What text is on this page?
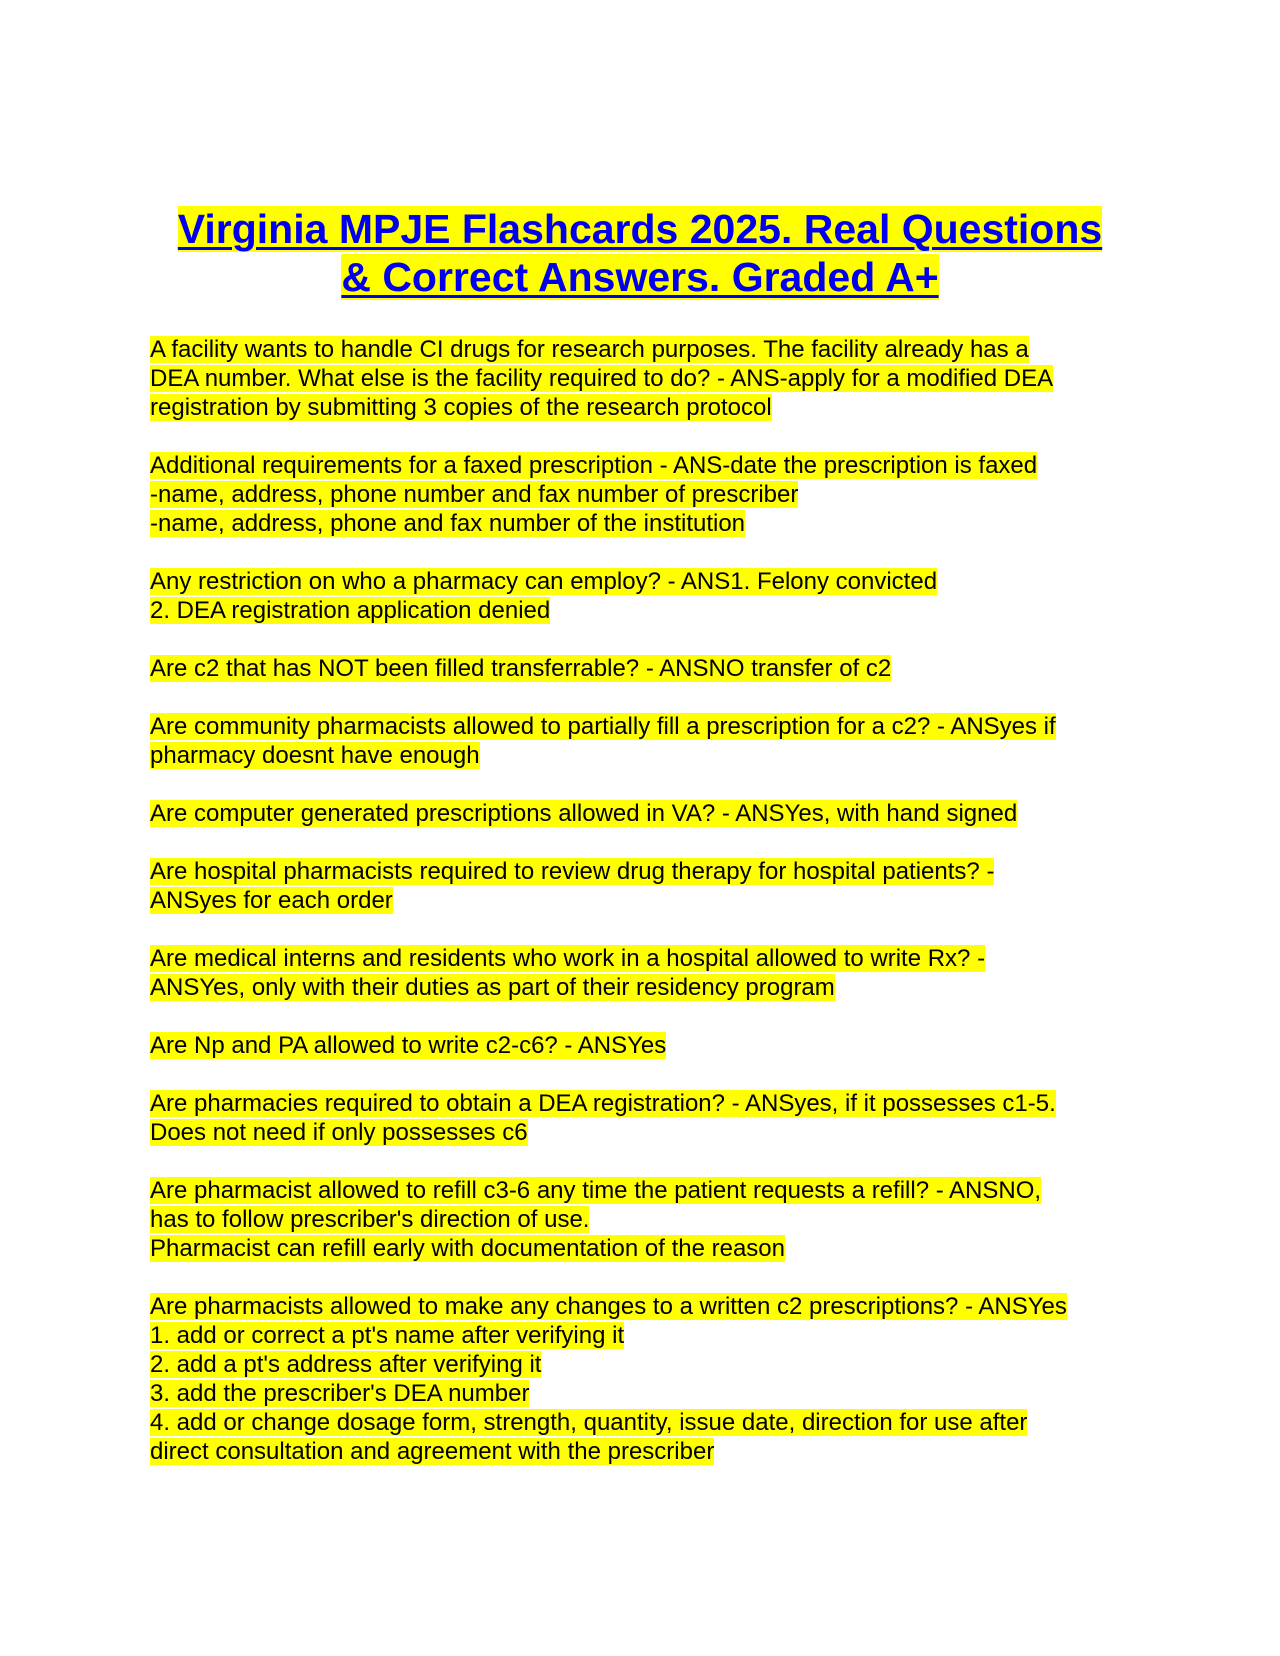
Virginia MPJE Flashcards 2025. Real Questions
& Correct Answers. Graded A+
A facility wants to handle CI drugs for research purposes. The facility already has a
DEA number. What else is the facility required to do? - ANS-apply for a modified DEA
registration by submitting 3 copies of the research protocol
Additional requirements for a faxed prescription - ANS-date the prescription is faxed
-name, address, phone number and fax number of prescriber
-name, address, phone and fax number of the institution
Any restriction on who a pharmacy can employ? - ANS1. Felony convicted
2. DEA registration application denied
Are c2 that has NOT been filled transferrable? - ANSNO transfer of c2
Are community pharmacists allowed to partially fill a prescription for a c2? - ANSyes if
pharmacy doesnt have enough
Are computer generated prescriptions allowed in VA? - ANSYes, with hand signed
Are hospital pharmacists required to review drug therapy for hospital patients? -
ANSyes for each order
Are medical interns and residents who work in a hospital allowed to write Rx? -
ANSYes, only with their duties as part of their residency program
Are Np and PA allowed to write c2-c6? - ANSYes
Are pharmacies required to obtain a DEA registration? - ANSyes, if it possesses c1-5.
Does not need if only possesses c6
Are pharmacist allowed to refill c3-6 any time the patient requests a refill? - ANSNO,
has to follow prescriber's direction of use.
Pharmacist can refill early with documentation of the reason
Are pharmacists allowed to make any changes to a written c2 prescriptions? - ANSYes
1. add or correct a pt's name after verifying it
2. add a pt's address after verifying it
3. add the prescriber's DEA number
4. add or change dosage form, strength, quantity, issue date, direction for use after
direct consultation and agreement with the prescriber
